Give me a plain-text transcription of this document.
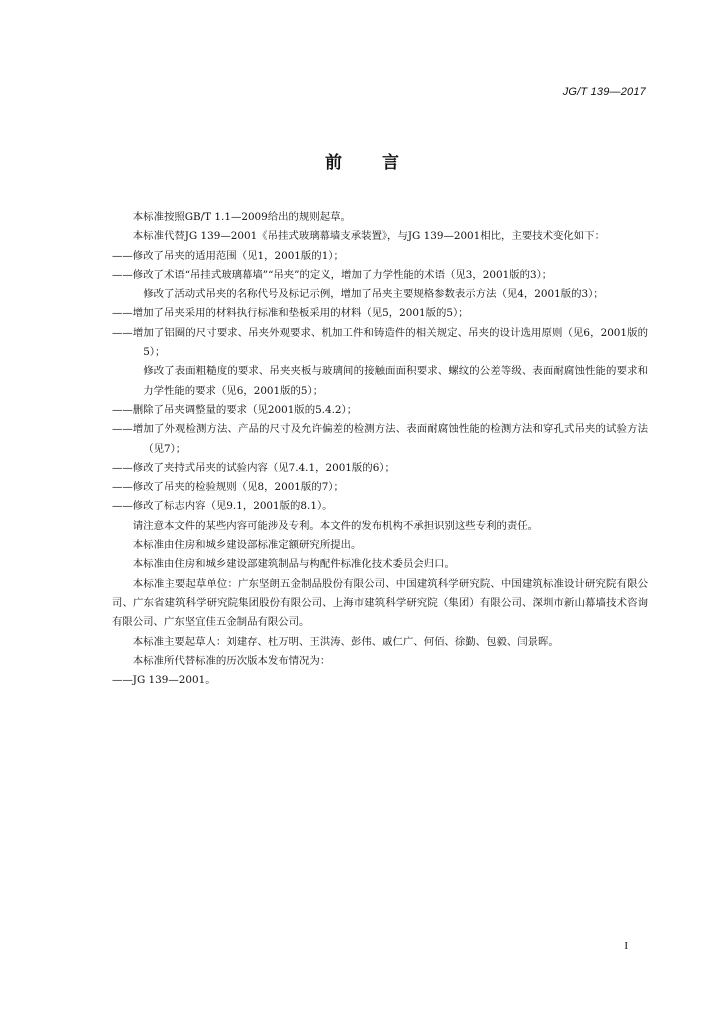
JG/T 139—2017
前言

本标准按照GB/T 1.1—2009给出的规则起草。

本标准代替JG 139—2001《吊挂式玻璃幕墙支承装置》，与JG 139—2001相比，主要技术变化如下：

——修改了吊夹的适用范围（见1，2001版的1）；

——修改了术语“吊挂式玻璃幕墙”“吊夹”的定义，增加了力学性能的术语（见3，2001版的3）；

修改了活动式吊夹的名称代号及标记示例，增加了吊夹主要规格参数表示方法（见4，2001版的3）；

——增加了吊夹采用的材料执行标准和垫板采用的材料（见5，2001版的5）；

——增加了铝圈的尺寸要求、吊夹外观要求、机加工件和铸造件的相关规定、吊夹的设计选用原则（见6，2001版的5）；

修改了表面粗糙度的要求、吊夹夹板与玻璃间的接触面面积要求、螺纹的公差等级、表面耐腐蚀性能的要求和力学性能的要求（见6，2001版的5）；

——删除了吊夹调整量的要求（见2001版的5.4.2）；

——增加了外观检测方法、产品的尺寸及允许偏差的检测方法、表面耐腐蚀性能的检测方法和穿孔式吊夹的试验方法（见7）；

——修改了夹持式吊夹的试验内容（见7.4.1，2001版的6）；

——修改了吊夹的检验规则（见8，2001版的7）；

——修改了标志内容（见9.1，2001版的8.1）。

请注意本文件的某些内容可能涉及专利。本文件的发布机构不承担识别这些专利的责任。

本标准由住房和城乡建设部标准定额研究所提出。

本标准由住房和城乡建设部建筑制品与构配件标准化技术委员会归口。

本标准主要起草单位：广东坚朗五金制品股份有限公司、中国建筑科学研究院、中国建筑标准设计研究院有限公司、广东省建筑科学研究院集团股份有限公司、上海市建筑科学研究院（集团）有限公司、深圳市新山幕墙技术咨询有限公司、广东坚宜佳五金制品有限公司。

本标准主要起草人：刘建存、杜万明、王洪涛、彭伟、戚仁广、何佰、徐勤、包毅、闫景晖。

本标准所代替标准的历次版本发布情况为：

——JG 139—2001。

I
